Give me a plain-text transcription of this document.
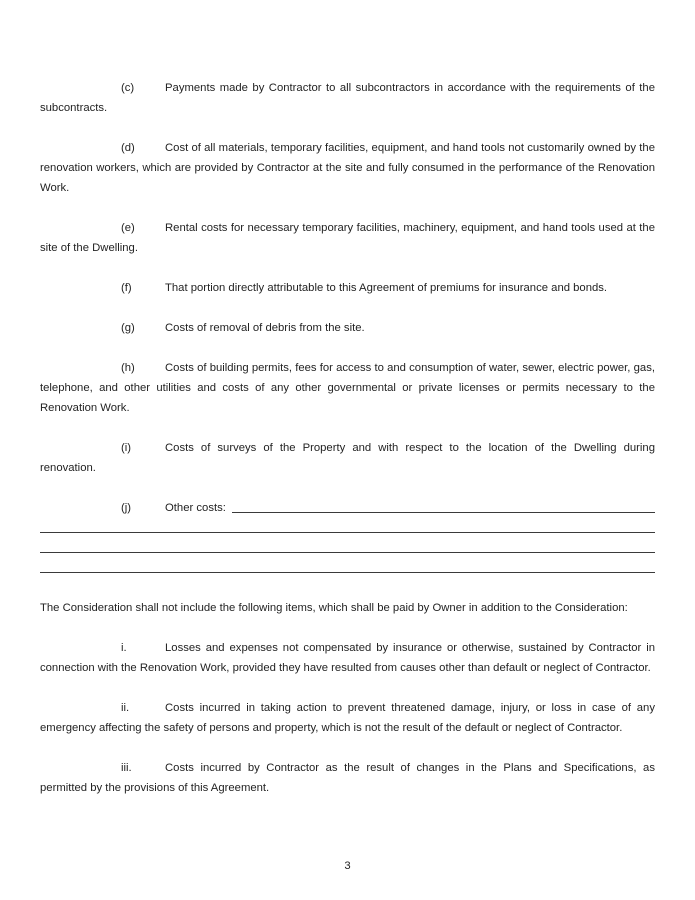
(c)	Payments made by Contractor to all subcontractors in accordance with the requirements of the subcontracts.

(d)	Cost of all materials, temporary facilities, equipment, and hand tools not customarily owned by the renovation workers, which are provided by Contractor at the site and fully consumed in the performance of the Renovation Work.

(e)	Rental costs for necessary temporary facilities, machinery, equipment, and hand tools used at the site of the Dwelling.

(f)	That portion directly attributable to this Agreement of premiums for insurance and bonds.

(g)	Costs of removal of debris from the site.

(h)	Costs of building permits, fees for access to and consumption of water, sewer, electric power, gas, telephone, and other utilities and costs of any other governmental or private licenses or permits necessary to the Renovation Work.

(i)	Costs of surveys of the Property and with respect to the location of the Dwelling during renovation.

(j)	Other costs:

The Consideration shall not include the following items, which shall be paid by Owner in addition to the Consideration:

i.	Losses and expenses not compensated by insurance or otherwise, sustained by Contractor in connection with the Renovation Work, provided they have resulted from causes other than default or neglect of Contractor.

ii.	Costs incurred in taking action to prevent threatened damage, injury, or loss in case of any emergency affecting the safety of persons and property, which is not the result of the default or neglect of Contractor.

iii.	Costs incurred by Contractor as the result of changes in the Plans and Specifications, as permitted by the provisions of this Agreement.

3
